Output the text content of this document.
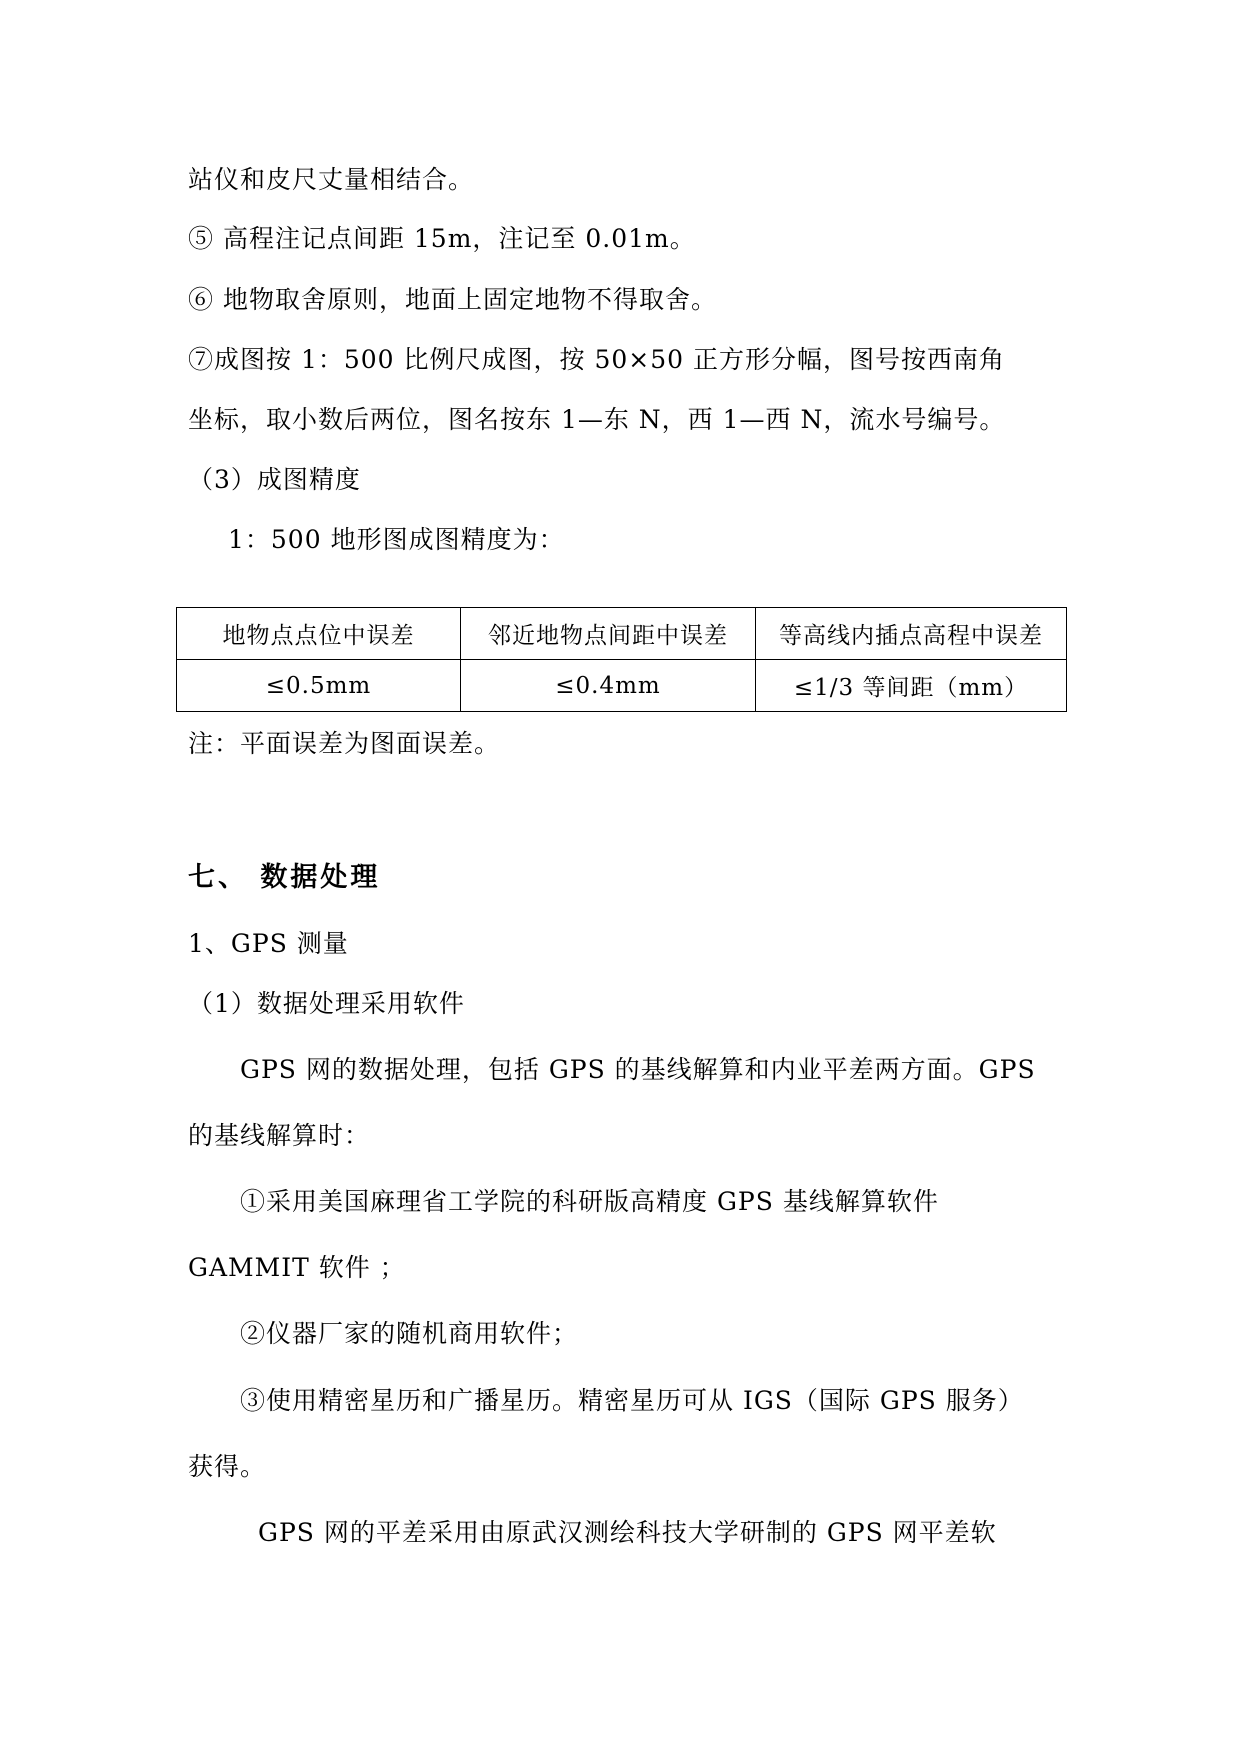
站仪和皮尺丈量相结合。
⑤ 高程注记点间距 15m，注记至 0.01m。
⑥ 地物取舍原则，地面上固定地物不得取舍。
⑦成图按 1：500 比例尺成图，按 50×50 正方形分幅，图号按西南角
坐标，取小数后两位，图名按东 1—东 N，西 1—西 N，流水号编号。
（3）成图精度
1：500 地形图成图精度为：
地物点点位中误差	邻近地物点间距中误差	等高线内插点高程中误差
≤0.5mm	≤0.4mm	≤1/3 等间距（mm）
注：平面误差为图面误差。
七、 数据处理
1、GPS 测量
（1）数据处理采用软件
GPS 网的数据处理，包括 GPS 的基线解算和内业平差两方面。GPS
的基线解算时：
①采用美国麻理省工学院的科研版高精度 GPS 基线解算软件
GAMMIT 软件 ；
②仪器厂家的随机商用软件；
③使用精密星历和广播星历。精密星历可从 IGS（国际 GPS 服务）
获得。
GPS 网的平差采用由原武汉测绘科技大学研制的 GPS 网平差软
